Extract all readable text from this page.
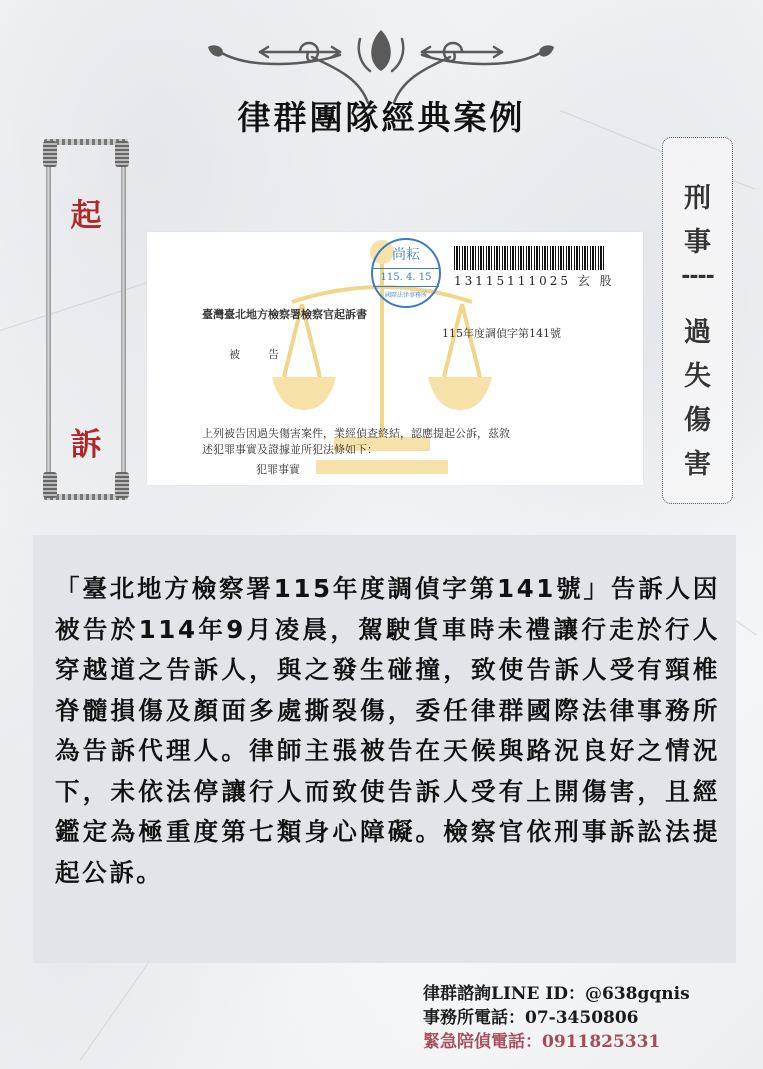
律群團隊經典案例
起
訴
刑
事
----
過
失
傷
害
尚耘
115. 4. 15
國際法律事務所
13115111025 玄 股
臺灣臺北地方檢察署檢察官起訴書
115年度調偵字第141號
被告
上列被告因過失傷害案件，業經偵查終結，認應提起公訴，茲敘
述犯罪事實及證據並所犯法條如下：
犯罪事實

「臺北地方檢察署115年度調偵字第141號」告訴人因被告於114年9月凌晨，駕駛貨車時未禮讓行走於行人穿越道之告訴人，與之發生碰撞，致使告訴人受有頸椎脊髓損傷及顏面多處撕裂傷，委任律群國際法律事務所為告訴代理人。律師主張被告在天候與路況良好之情況下，未依法停讓行人而致使告訴人受有上開傷害，且經鑑定為極重度第七類身心障礙。檢察官依刑事訴訟法提起公訴。

律群諮詢LINE ID：@638gqnis
事務所電話：07-3450806
緊急陪偵電話：0911825331
